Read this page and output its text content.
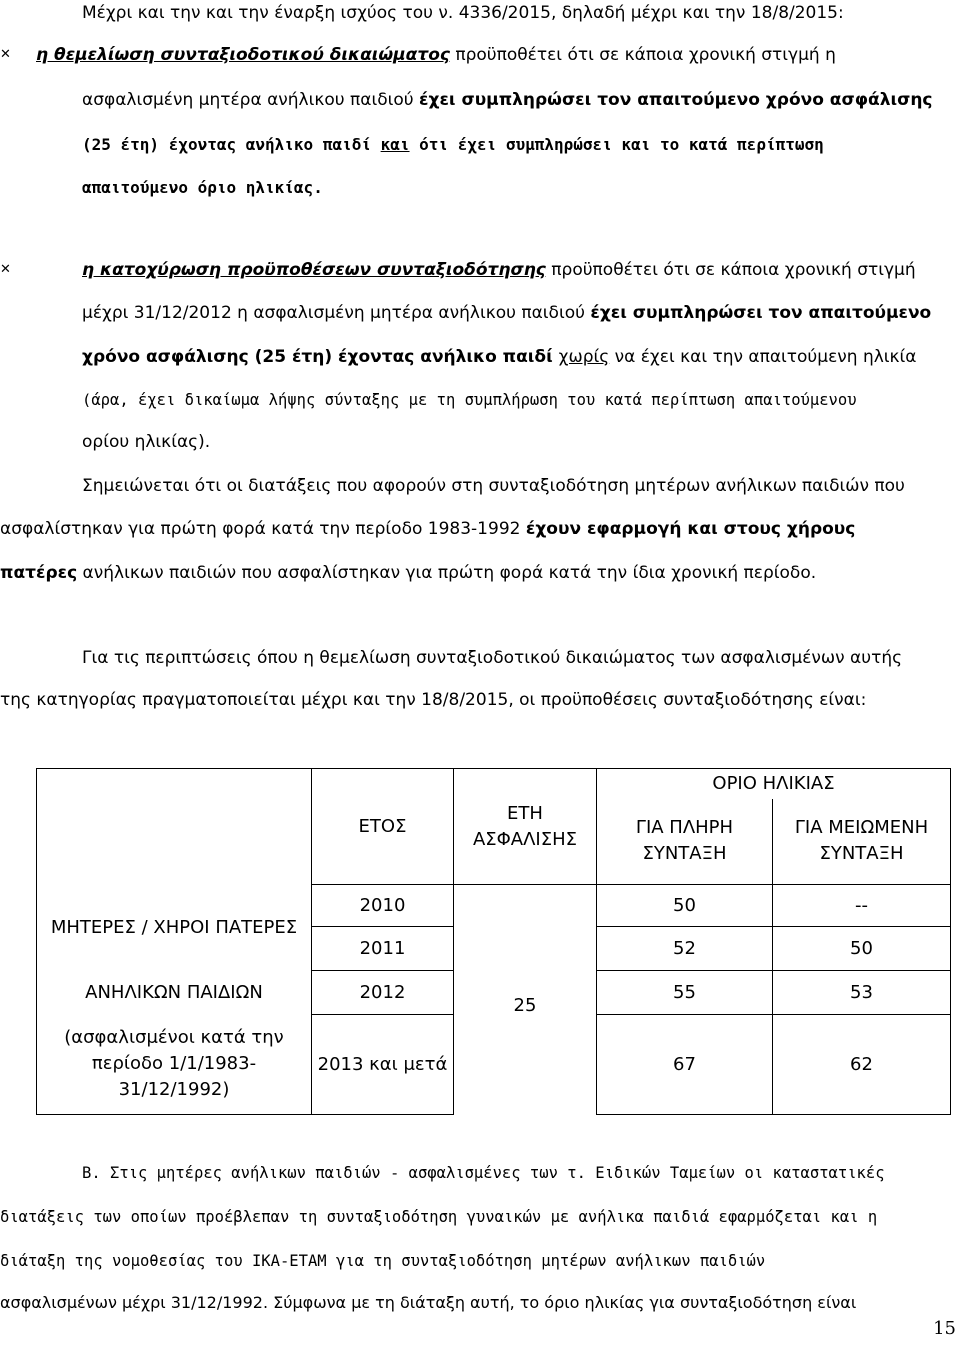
Μέχρι και την και την έναρξη ισχύος του ν. 4336/2015, δηλαδή μέχρι και την 18/8/2015:
✕ η θεμελίωση συνταξιοδοτικού δικαιώματος προϋποθέτει ότι σε κάποια χρονική στιγμή η
ασφαλισμένη μητέρα ανήλικου παιδιού έχει συμπληρώσει τον απαιτούμενο χρόνο ασφάλισης
(25 έτη) έχοντας ανήλικο παιδί και ότι έχει συμπληρώσει και το κατά περίπτωση
απαιτούμενο όριο ηλικίας.
✕	η κατοχύρωση προϋποθέσεων συνταξιοδότησης προϋποθέτει ότι σε κάποια χρονική στιγμή
μέχρι 31/12/2012 η ασφαλισμένη μητέρα ανήλικου παιδιού έχει συμπληρώσει τον απαιτούμενο
χρόνο ασφάλισης (25 έτη) έχοντας ανήλικο παιδί χωρίς να έχει και την απαιτούμενη ηλικία
(άρα, έχει δικαίωμα λήψης σύνταξης με τη συμπλήρωση του κατά περίπτωση απαιτούμενου
ορίου ηλικίας).
Σημειώνεται ότι οι διατάξεις που αφορούν στη συνταξιοδότηση μητέρων ανήλικων παιδιών που
ασφαλίστηκαν για πρώτη φορά κατά την περίοδο 1983-1992 έχουν εφαρμογή και στους χήρους
πατέρες ανήλικων παιδιών που ασφαλίστηκαν για πρώτη φορά κατά την ίδια χρονική περίοδο.
Για τις περιπτώσεις όπου η θεμελίωση συνταξιοδοτικού δικαιώματος των ασφαλισμένων αυτής
της κατηγορίας πραγματοποιείται μέχρι και την 18/8/2015, οι προϋποθέσεις συνταξιοδότησης είναι:
	ΕΤΟΣ	ΕΤΗ ΑΣΦΑΛΙΣΗΣ	ΟΡΙΟ ΗΛΙΚΙΑΣ	
			ΓΙΑ ΠΛΗΡΗ ΣΥΝΤΑΞΗ	ΓΙΑ ΜΕΙΩΜΕΝΗ ΣΥΝΤΑΞΗ
ΜΗΤΕΡΕΣ / ΧΗΡΟΙ ΠΑΤΕΡΕΣ	2010	25	50	--
	2011		52	50
ΑΝΗΛΙΚΩΝ ΠΑΙΔΙΩΝ	2012		55	53
(ασφαλισμένοι κατά την περίοδο 1/1/1983-31/12/1992)	2013 και μετά		67	62
Β. Στις μητέρες ανήλικων παιδιών - ασφαλισμένες των τ. Ειδικών Ταμείων οι καταστατικές
διατάξεις των οποίων προέβλεπαν τη συνταξιοδότηση γυναικών με ανήλικα παιδιά εφαρμόζεται και η
διάταξη της νομοθεσίας του ΙΚΑ-ΕΤΑΜ για τη συνταξιοδότηση μητέρων ανήλικων παιδιών
ασφαλισμένων μέχρι 31/12/1992. Σύμφωνα με τη διάταξη αυτή, το όριο ηλικίας για συνταξιοδότηση είναι
15
